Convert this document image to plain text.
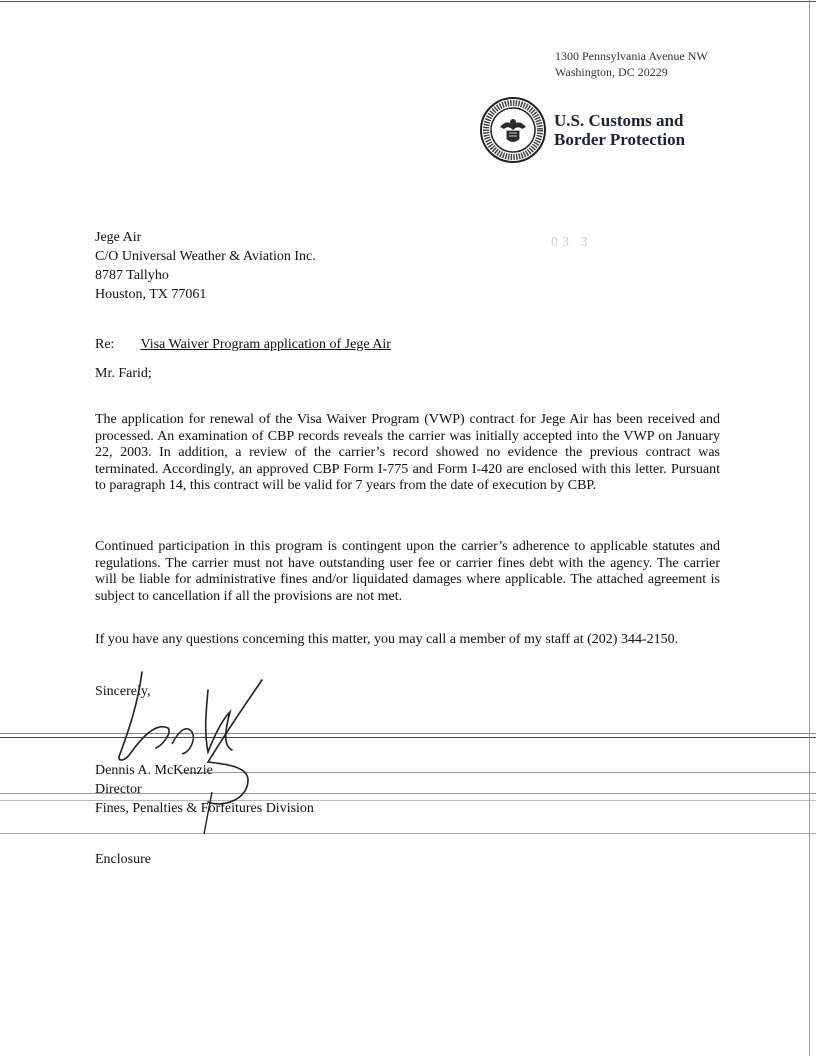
1300 Pennsylvania Avenue NW
Washington, DC 20229
U.S. Customs and
Border Protection
03 3
Jege Air
C/O Universal Weather & Aviation Inc.
8787 Tallyho
Houston, TX 77061
Re: Visa Waiver Program application of Jege Air
Mr. Farid;
The application for renewal of the Visa Waiver Program (VWP) contract for Jege Air has been received and processed. An examination of CBP records reveals the carrier was initially accepted into the VWP on January 22, 2003. In addition, a review of the carrier’s record showed no evidence the previous contract was terminated. Accordingly, an approved CBP Form I-775 and Form I-420 are enclosed with this letter. Pursuant to paragraph 14, this contract will be valid for 7 years from the date of execution by CBP.
Continued participation in this program is contingent upon the carrier’s adherence to applicable statutes and regulations. The carrier must not have outstanding user fee or carrier fines debt with the agency. The carrier will be liable for administrative fines and/or liquidated damages where applicable. The attached agreement is subject to cancellation if all the provisions are not met.
If you have any questions concerning this matter, you may call a member of my staff at (202) 344-2150.
Sincerely,
Dennis A. McKenzie
Director
Fines, Penalties & Forfeitures Division
Enclosure
